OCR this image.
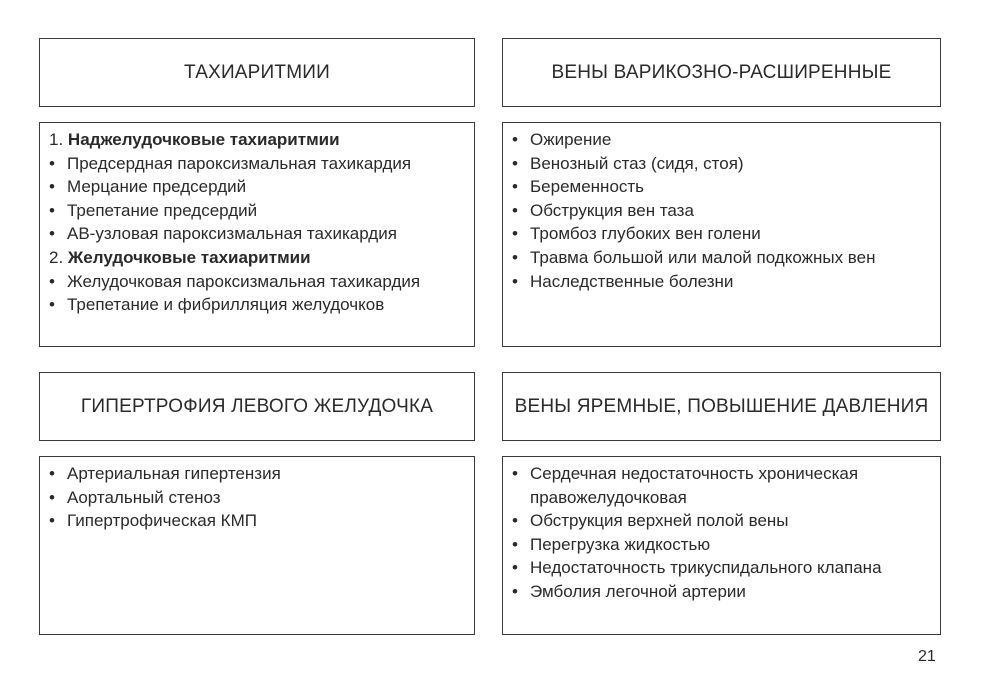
ТАХИАРИТМИИ
1. Наджелудочковые тахиаритмии
• Предсердная пароксизмальная тахикардия
• Мерцание предсердий
• Трепетание предсердий
• АВ-узловая пароксизмальная тахикардия
2. Желудочковые тахиаритмии
• Желудочковая пароксизмальная тахикардия
• Трепетание и фибрилляция желудочков
ВЕНЫ ВАРИКОЗНО-РАСШИРЕННЫЕ
• Ожирение
• Венозный стаз (сидя, стоя)
• Беременность
• Обструкция вен таза
• Тромбоз глубоких вен голени
• Травма большой или малой подкожных вен
• Наследственные болезни
ГИПЕРТРОФИЯ ЛЕВОГО ЖЕЛУДОЧКА
• Артериальная гипертензия
• Аортальный стеноз
• Гипертрофическая КМП
ВЕНЫ ЯРЕМНЫЕ, ПОВЫШЕНИЕ ДАВЛЕНИЯ
• Сердечная недостаточность хроническая
правожелудочковая
• Обструкция верхней полой вены
• Перегрузка жидкостью
• Недостаточность трикуспидального клапана
• Эмболия легочной артерии
21
